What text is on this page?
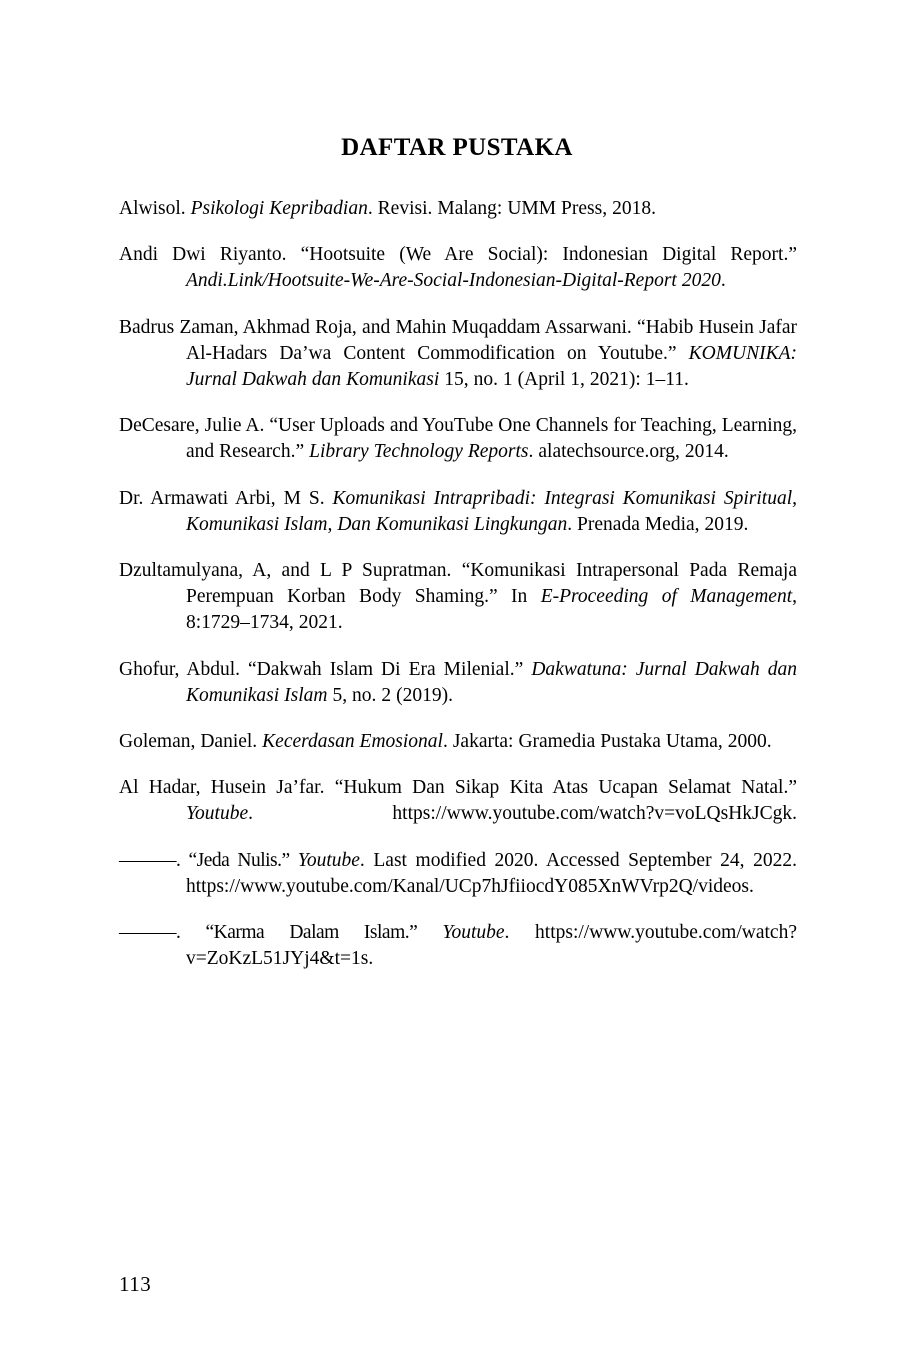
DAFTAR PUSTAKA

Alwisol. Psikologi Kepribadian. Revisi. Malang: UMM Press, 2018.

Andi Dwi Riyanto. “Hootsuite (We Are Social): Indonesian Digital Report.” Andi.Link/Hootsuite-We-Are-Social-Indonesian-Digital-Report 2020.

Badrus Zaman, Akhmad Roja, and Mahin Muqaddam Assarwani. “Habib Husein Jafar Al-Hadars Da’wa Content Commodification on Youtube.” KOMUNIKA: Jurnal Dakwah dan Komunikasi 15, no. 1 (April 1, 2021): 1–11.

DeCesare, Julie A. “User Uploads and YouTube One Channels for Teaching, Learning, and Research.” Library Technology Reports. alatechsource.org, 2014.

Dr. Armawati Arbi, M S. Komunikasi Intrapribadi: Integrasi Komunikasi Spiritual, Komunikasi Islam, Dan Komunikasi Lingkungan. Prenada Media, 2019.

Dzultamulyana, A, and L P Supratman. “Komunikasi Intrapersonal Pada Remaja Perempuan Korban Body Shaming.” In E-Proceeding of Management, 8:1729–1734, 2021.

Ghofur, Abdul. “Dakwah Islam Di Era Milenial.” Dakwatuna: Jurnal Dakwah dan Komunikasi Islam 5, no. 2 (2019).

Goleman, Daniel. Kecerdasan Emosional. Jakarta: Gramedia Pustaka Utama, 2000.

Al Hadar, Husein Ja’far. “Hukum Dan Sikap Kita Atas Ucapan Selamat Natal.” Youtube. https://www.youtube.com/watch?v=voLQsHkJCgk.

———. “Jeda Nulis.” Youtube. Last modified 2020. Accessed September 24, 2022. https://www.youtube.com/Kanal/UCp7hJfiiocdY085XnWVrp2Q/videos.

———. “Karma Dalam Islam.” Youtube. https://www.youtube.com/watch?v=ZoKzL51JYj4&t=1s.

113
